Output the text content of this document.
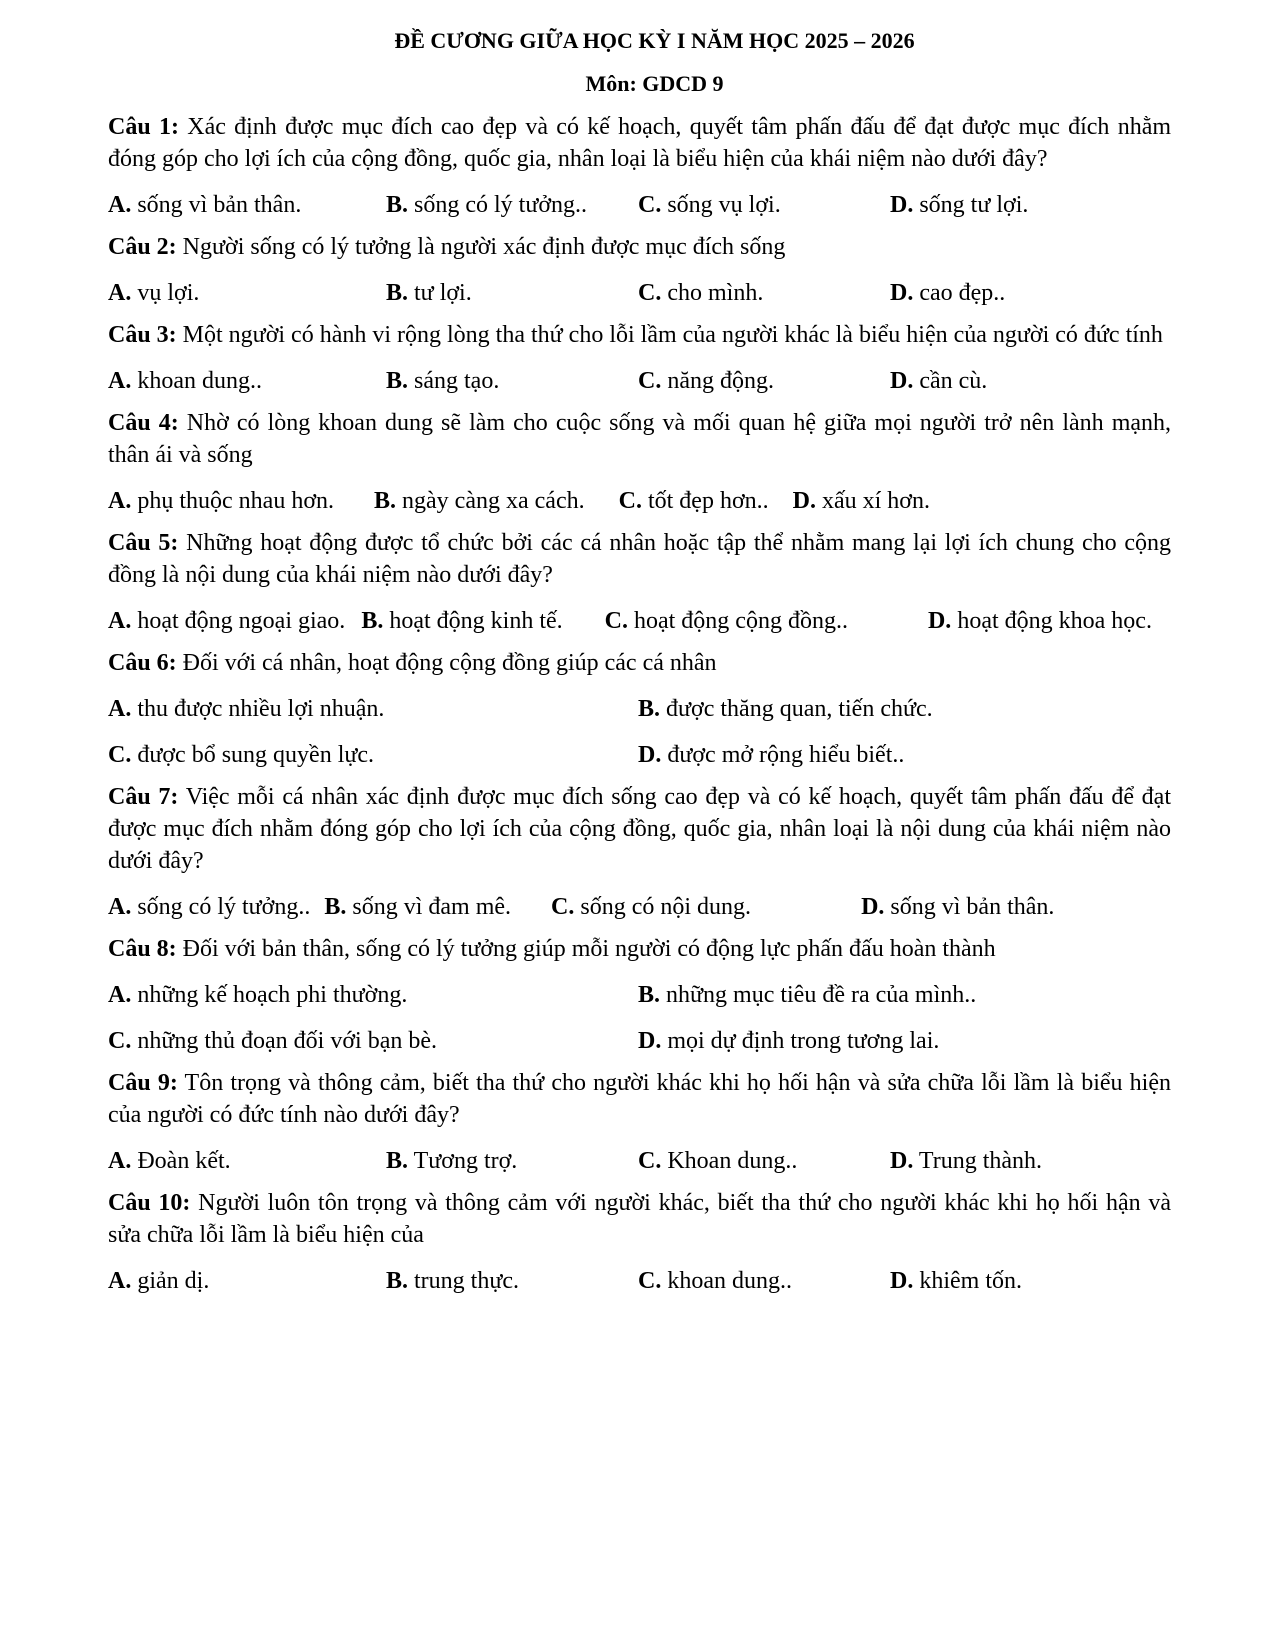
ĐỀ CƯƠNG GIỮA HỌC KỲ I NĂM HỌC 2025 – 2026
Môn: GDCD 9
Câu 1: Xác định được mục đích cao đẹp và có kế hoạch, quyết tâm phấn đấu để đạt được mục đích nhằm đóng góp cho lợi ích của cộng đồng, quốc gia, nhân loại là biểu hiện của khái niệm nào dưới đây?
A. sống vì bản thân.	B. sống có lý tưởng..	C. sống vụ lợi.	D. sống tư lợi.
Câu 2: Người sống có lý tưởng là người xác định được mục đích sống
A. vụ lợi.	B. tư lợi.	C. cho mình.	D. cao đẹp..
Câu 3: Một người có hành vi rộng lòng tha thứ cho lỗi lầm của người khác là biểu hiện của người có đức tính
A. khoan dung..	B. sáng tạo.	C. năng động.	D. cần cù.
Câu 4: Nhờ có lòng khoan dung sẽ làm cho cuộc sống và mối quan hệ giữa mọi người trở nên lành mạnh, thân ái và sống
A. phụ thuộc nhau hơn. B. ngày càng xa cách. C. tốt đẹp hơn.. D. xấu xí hơn.
Câu 5: Những hoạt động được tổ chức bởi các cá nhân hoặc tập thể nhằm mang lại lợi ích chung cho cộng đồng là nội dung của khái niệm nào dưới đây?
A. hoạt động ngoại giao. B. hoạt động kinh tế. C. hoạt động cộng đồng..	D. hoạt động khoa học.
Câu 6: Đối với cá nhân, hoạt động cộng đồng giúp các cá nhân
A. thu được nhiều lợi nhuận.	B. được thăng quan, tiến chức.
C. được bổ sung quyền lực.	D. được mở rộng hiểu biết..
Câu 7: Việc mỗi cá nhân xác định được mục đích sống cao đẹp và có kế hoạch, quyết tâm phấn đấu để đạt được mục đích nhằm đóng góp cho lợi ích của cộng đồng, quốc gia, nhân loại là nội dung của khái niệm nào dưới đây?
A. sống có lý tưởng.. B. sống vì đam mê. C. sống có nội dung.	D. sống vì bản thân.
Câu 8: Đối với bản thân, sống có lý tưởng giúp mỗi người có động lực phấn đấu hoàn thành
A. những kế hoạch phi thường.	B. những mục tiêu đề ra của mình..
C. những thủ đoạn đối với bạn bè.	D. mọi dự định trong tương lai.
Câu 9: Tôn trọng và thông cảm, biết tha thứ cho người khác khi họ hối hận và sửa chữa lỗi lầm là biểu hiện của người có đức tính nào dưới đây?
A. Đoàn kết.	B. Tương trợ.	C. Khoan dung..	D. Trung thành.
Câu 10: Người luôn tôn trọng và thông cảm với người khác, biết tha thứ cho người khác khi họ hối hận và sửa chữa lỗi lầm là biểu hiện của
A. giản dị.	B. trung thực.	C. khoan dung..	D. khiêm tốn.
